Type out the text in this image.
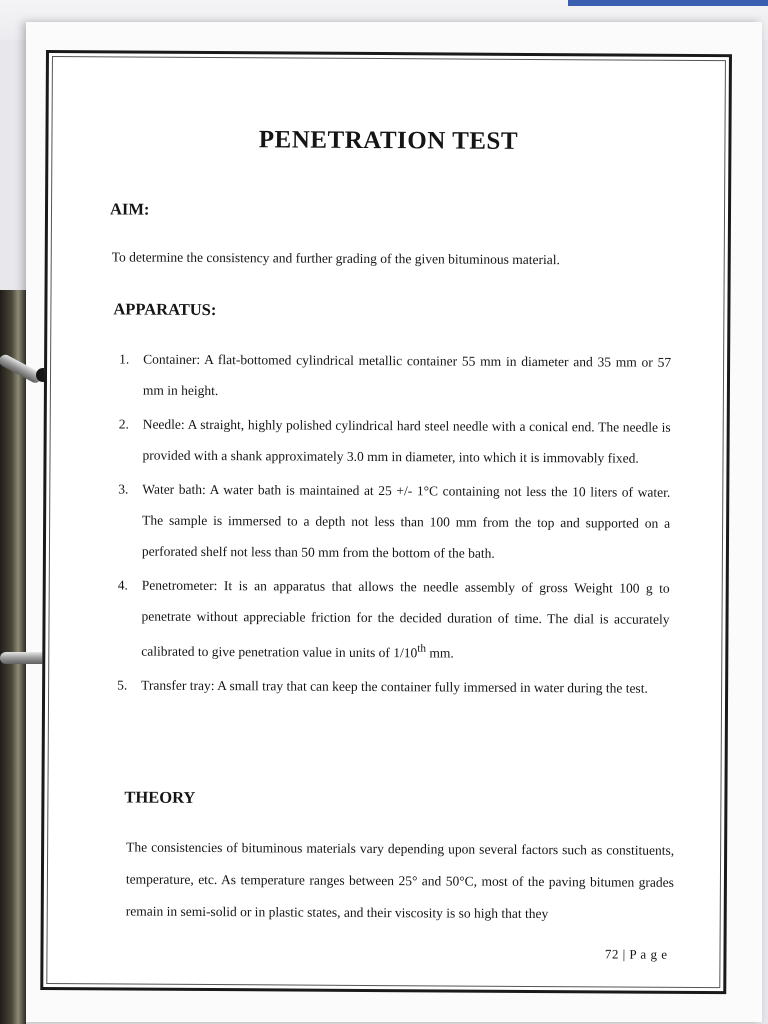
PENETRATION TEST
AIM:

To determine the consistency and further grading of the given bituminous material.

APPARATUS:
1. Container: A flat-bottomed cylindrical metallic container 55 mm in diameter and 35 mm or 57 mm in height.
2. Needle: A straight, highly polished cylindrical hard steel needle with a conical end. The needle is provided with a shank approximately 3.0 mm in diameter, into which it is immovably fixed.
3. Water bath: A water bath is maintained at 25 +/- 1°C containing not less the 10 liters of water. The sample is immersed to a depth not less than 100 mm from the top and supported on a perforated shelf not less than 50 mm from the bottom of the bath.
4. Penetrometer: It is an apparatus that allows the needle assembly of gross Weight 100 g to penetrate without appreciable friction for the decided duration of time. The dial is accurately calibrated to give penetration value in units of 1/10th mm.
5. Transfer tray: A small tray that can keep the container fully immersed in water during the test.
THEORY

The consistencies of bituminous materials vary depending upon several factors such as constituents, temperature, etc. As temperature ranges between 25° and 50°C, most of the paving bitumen grades remain in semi-solid or in plastic states, and their viscosity is so high that they

72 | P a g e
